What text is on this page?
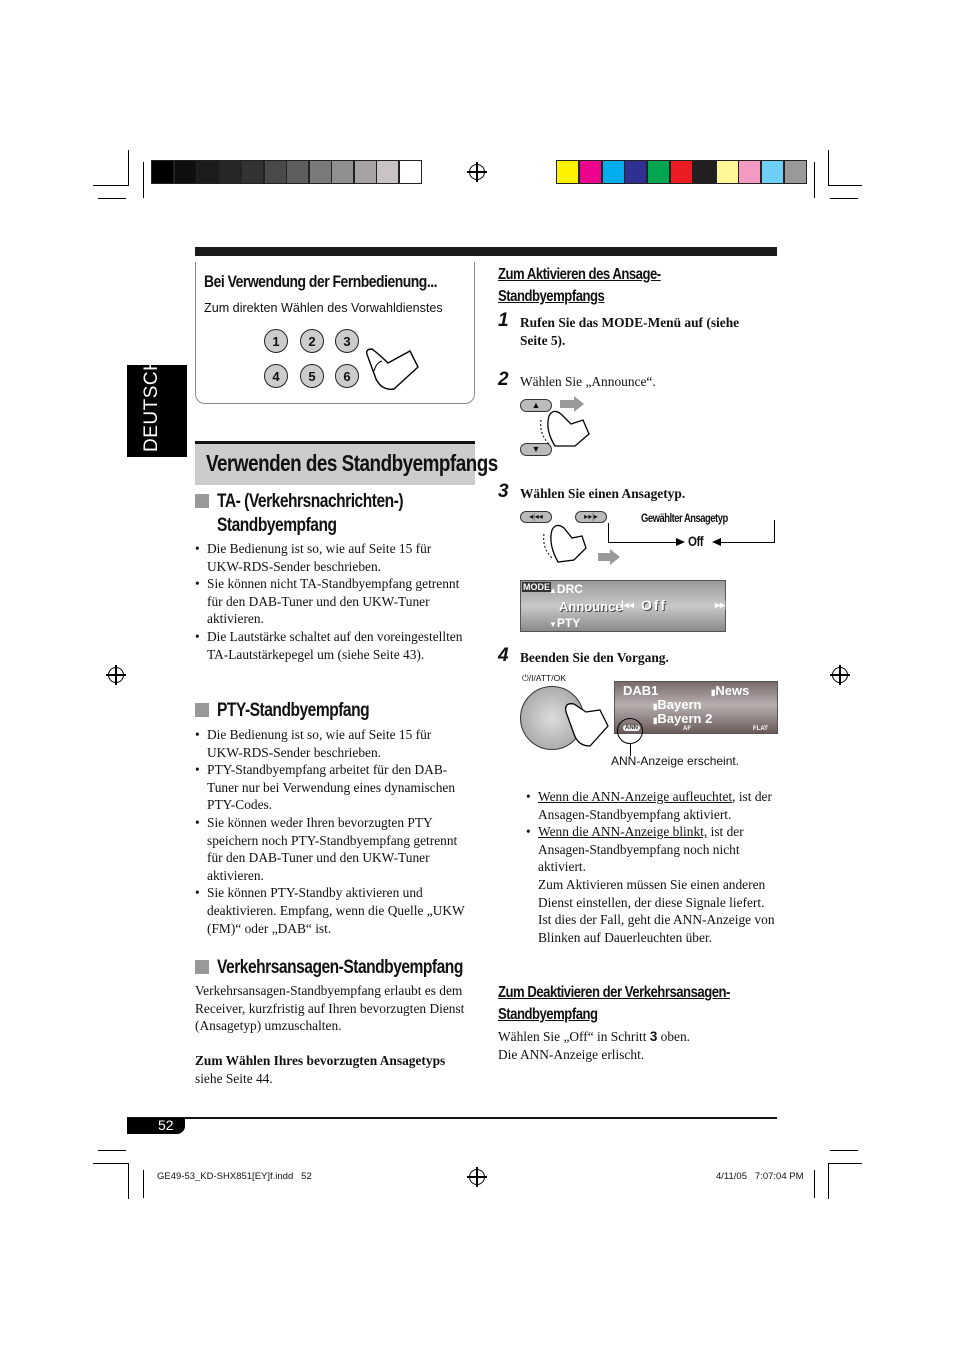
DEUTSCH
Bei Verwendung der Fernbedienung...
Zum direkten Wählen des Vorwahldienstes
1	2	3
4	5	6
Verwenden des Standbyempfangs
TA- (Verkehrsnachrichten-)
Standbyempfang
• Die Bedienung ist so, wie auf Seite 15 für UKW-RDS-Sender beschrieben.
• Sie können nicht TA-Standbyempfang getrennt für den DAB-Tuner und den UKW-Tuner aktivieren.
• Die Lautstärke schaltet auf den voreingestellten TA-Lautstärkepegel um (siehe Seite 43).
PTY-Standbyempfang
• Die Bedienung ist so, wie auf Seite 15 für UKW-RDS-Sender beschrieben.
• PTY-Standbyempfang arbeitet für den DAB-Tuner nur bei Verwendung eines dynamischen PTY-Codes.
• Sie können weder Ihren bevorzugten PTY speichern noch PTY-Standbyempfang getrennt für den DAB-Tuner und den UKW-Tuner aktivieren.
• Sie können PTY-Standby aktivieren und deaktivieren. Empfang, wenn die Quelle „UKW (FM)“ oder „DAB“ ist.
Verkehrsansagen-Standbyempfang
Verkehrsansagen-Standbyempfang erlaubt es dem Receiver, kurzfristig auf Ihren bevorzugten Dienst (Ansagetyp) umzuschalten.
Zum Wählen Ihres bevorzugten Ansagetyps
siehe Seite 44.
Zum Aktivieren des Ansage-
Standbyempfangs
1 Rufen Sie das MODE-Menü auf (siehe Seite 5).
2 Wählen Sie „Announce“.
▲
▼
3 Wählen Sie einen Ansagetyp.
◂|◂◂	▸▸|▸	Gewählter Ansagetyp
Off
MODE ▲DRC
Announce
▼PTY
|◂◂ Off	▸▸|
4 Beenden Sie den Vorgang.
⏻/I/ATT/OK
DAB1	▮News
▮Bayern
▮Bayern 2
ANN	AF	FLAT
ANN-Anzeige erscheint.
• Wenn die ANN-Anzeige aufleuchtet, ist der Ansagen-Standbyempfang aktiviert.
• Wenn die ANN-Anzeige blinkt, ist der Ansagen-Standbyempfang noch nicht aktiviert.
Zum Aktivieren müssen Sie einen anderen Dienst einstellen, der diese Signale liefert. Ist dies der Fall, geht die ANN-Anzeige von Blinken auf Dauerleuchten über.
Zum Deaktivieren der Verkehrsansagen-
Standbyempfang
Wählen Sie „Off“ in Schritt 3 oben.
Die ANN-Anzeige erlischt.
52
GE49-53_KD-SHX851[EY]f.indd   52	4/11/05   7:07:04 PM
